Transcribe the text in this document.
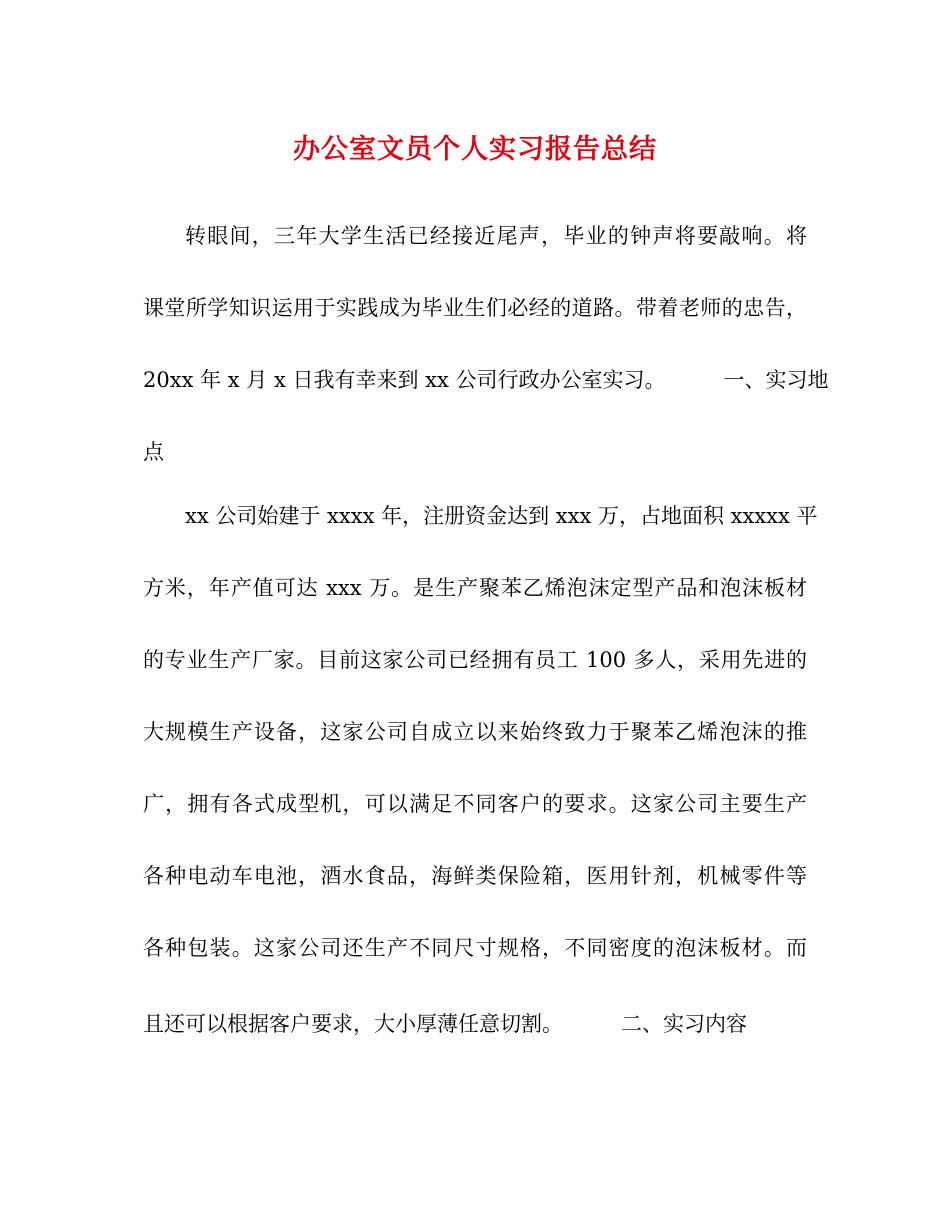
办公室文员个人实习报告总结
转眼间，三年大学生活已经接近尾声，毕业的钟声将要敲响。将
课堂所学知识运用于实践成为毕业生们必经的道路。带着老师的忠告，
20xx 年 x 月 x 日我有幸来到 xx 公司行政办公室实习。	一、实习地
点
xx 公司始建于 xxxx 年，注册资金达到 xxx 万，占地面积 xxxxx 平
方米，年产值可达 xxx 万。是生产聚苯乙烯泡沫定型产品和泡沫板材
的专业生产厂家。目前这家公司已经拥有员工 100 多人，采用先进的
大规模生产设备，这家公司自成立以来始终致力于聚苯乙烯泡沫的推
广，拥有各式成型机，可以满足不同客户的要求。这家公司主要生产
各种电动车电池，酒水食品，海鲜类保险箱，医用针剂，机械零件等
各种包装。这家公司还生产不同尺寸规格，不同密度的泡沫板材。而
且还可以根据客户要求，大小厚薄任意切割。	二、实习内容
